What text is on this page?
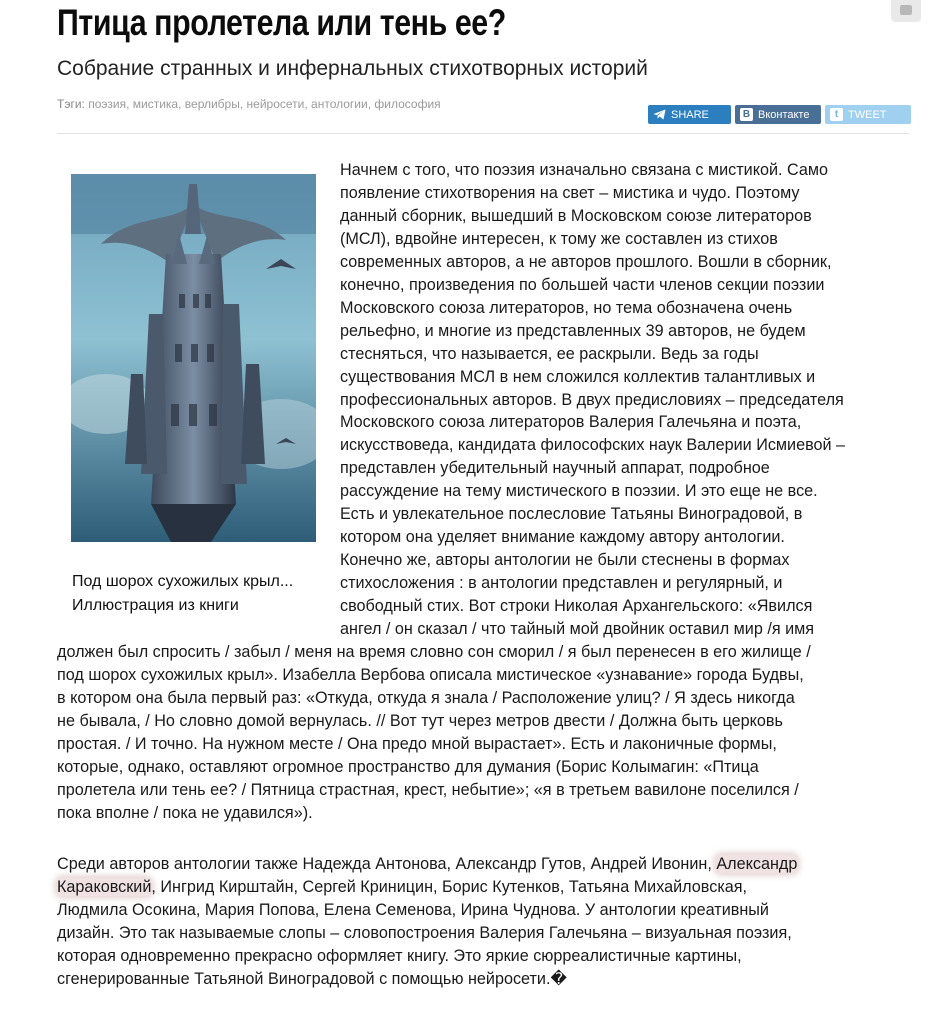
Птица пролетела или тень ее?
Собрание странных и инфернальных стихотворных историй
Тэги: поэзия, мистика, верлибры, нейросети, антологии, философия
SHARE	B Вконтакте	t TWEET
Под шорох сухожилых крыл...
Иллюстрация из книги
Начнем с того, что поэзия изначально связана с мистикой. Само
появление стихотворения на свет – мистика и чудо. Поэтому
данный сборник, вышедший в Московском союзе литераторов
(МСЛ), вдвойне интересен, к тому же составлен из стихов
современных авторов, а не авторов прошлого. Вошли в сборник,
конечно, произведения по большей части членов секции поэзии
Московского союза литераторов, но тема обозначена очень
рельефно, и многие из представленных 39 авторов, не будем
стесняться, что называется, ее раскрыли. Ведь за годы
существования МСЛ в нем сложился коллектив талантливых и
профессиональных авторов. В двух предисловиях – председателя
Московского союза литераторов Валерия Галечьяна и поэта,
искусствоведа, кандидата философских наук Валерии Исмиевой –
представлен убедительный научный аппарат, подробное
рассуждение на тему мистического в поэзии. И это еще не все.
Есть и увлекательное послесловие Татьяны Виноградовой, в
котором она уделяет внимание каждому автору антологии.
Конечно же, авторы антологии не были стеснены в формах
стихосложения : в антологии представлен и регулярный, и
свободный стих. Вот строки Николая Архангельского: «Явился
ангел / он сказал / что тайный мой двойник оставил мир /я имя
должен был спросить / забыл / меня на время словно сон сморил / я был перенесен в его жилище /
под шорох сухожилых крыл». Изабелла Вербова описала мистическое «узнавание» города Будвы,
в котором она была первый раз: «Откуда, откуда я знала / Расположение улиц? / Я здесь никогда
не бывала, / Но словно домой вернулась. // Вот тут через метров двести / Должна быть церковь
простая. / И точно. На нужном месте / Она предо мной вырастает». Есть и лаконичные формы,
которые, однако, оставляют огромное пространство для думания (Борис Колымагин: «Птица
пролетела или тень ее? / Пятница страстная, крест, небытие»; «я в третьем вавилоне поселился /
пока вполне / пока не удавился»).
Среди авторов антологии также Надежда Антонова, Александр Гутов, Андрей Ивонин, Александр
Караковский, Ингрид Кирштайн, Сергей Криницин, Борис Кутенков, Татьяна Михайловская,
Людмила Осокина, Мария Попова, Елена Семенова, Ирина Чуднова. У антологии креативный
дизайн. Это так называемые слопы – словопостроения Валерия Галечьяна – визуальная поэзия,
которая одновременно прекрасно оформляет книгу. Это яркие сюрреалистичные картины,
сгенерированные Татьяной Виноградовой с помощью нейросети.�
